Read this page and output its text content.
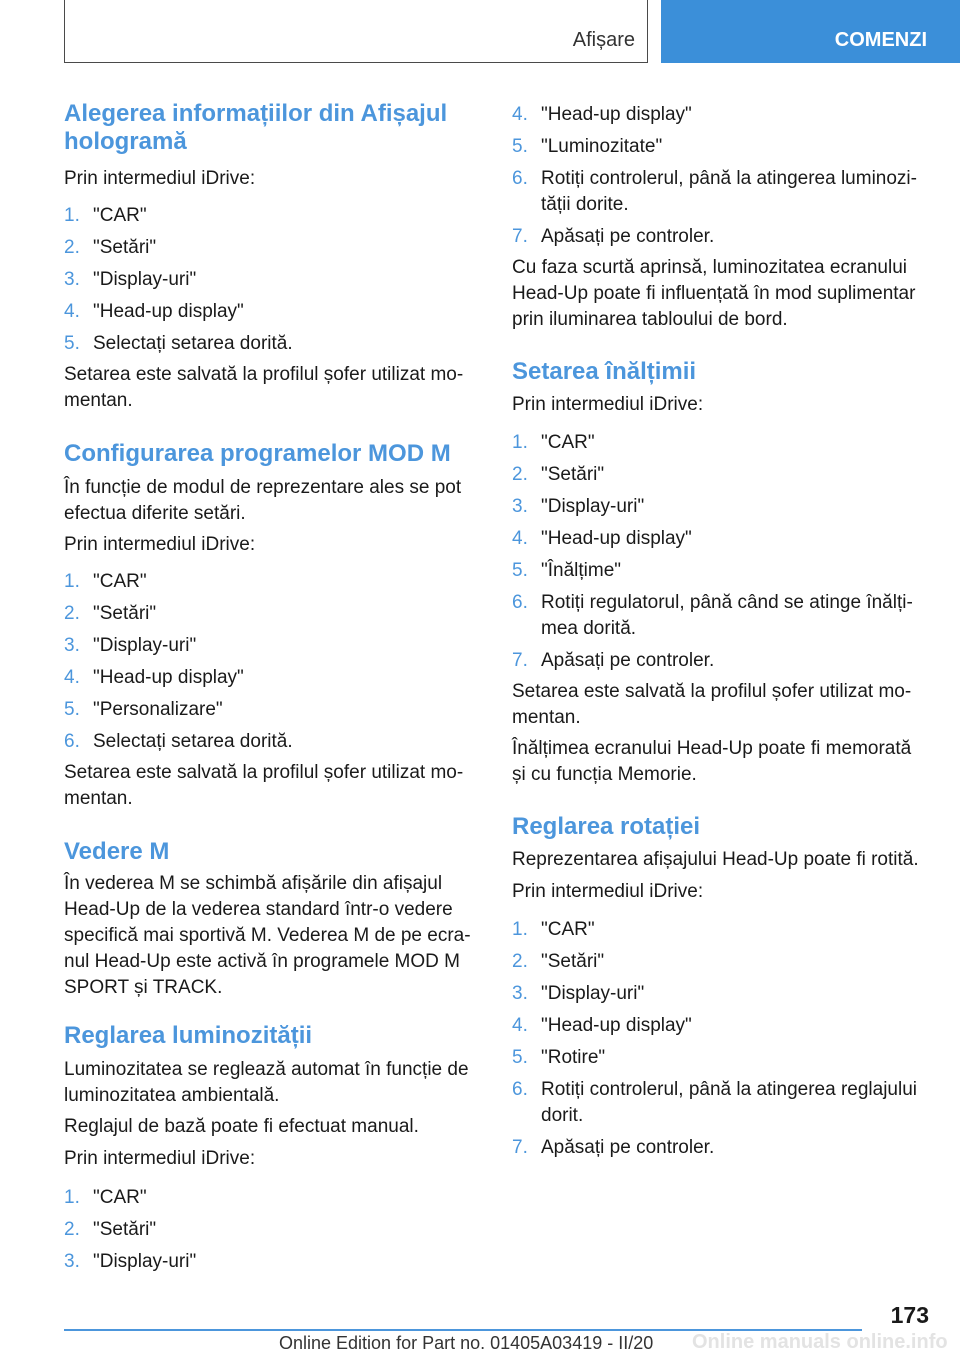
Afișare	COMENZI
Alegerea informațiilor din Afișajul hologramă

Prin intermediul iDrive:

1. "CAR"
2. "Setări"
3. "Display-uri"
4. "Head-up display"
5. Selectați setarea dorită.

Setarea este salvată la profilul șofer utilizat mo-mentan.

Configurarea programelor MOD M

În funcție de modul de reprezentare ales se pot efectua diferite setări.

Prin intermediul iDrive:

1. "CAR"
2. "Setări"
3. "Display-uri"
4. "Head-up display"
5. "Personalizare"
6. Selectați setarea dorită.

Setarea este salvată la profilul șofer utilizat mo-mentan.

Vedere M

În vederea M se schimbă afișările din afișajul Head-Up de la vederea standard într-o vedere specifică mai sportivă M. Vederea M de pe ecra-nul Head-Up este activă în programele MOD M SPORT și TRACK.

Reglarea luminozității

Luminozitatea se reglează automat în funcție de luminozitatea ambientală.

Reglajul de bază poate fi efectuat manual.

Prin intermediul iDrive:

1. "CAR"
2. "Setări"
3. "Display-uri"
4. "Head-up display"
5. "Luminozitate"
6. Rotiți controlerul, până la atingerea luminozi-tății dorite.
7. Apăsați pe controler.

Cu faza scurtă aprinsă, luminozitatea ecranului Head-Up poate fi influențată în mod suplimentar prin iluminarea tabloului de bord.

Setarea înălțimii

Prin intermediul iDrive:

1. "CAR"
2. "Setări"
3. "Display-uri"
4. "Head-up display"
5. "Înălțime"
6. Rotiți regulatorul, până când se atinge înălți-mea dorită.
7. Apăsați pe controler.

Setarea este salvată la profilul șofer utilizat mo-mentan.

Înălțimea ecranului Head-Up poate fi memorată și cu funcția Memorie.

Reglarea rotației

Reprezentarea afișajului Head-Up poate fi rotită.

Prin intermediul iDrive:

1. "CAR"
2. "Setări"
3. "Display-uri"
4. "Head-up display"
5. "Rotire"
6. Rotiți controlerul, până la atingerea reglajului dorit.
7. Apăsați pe controler.
173
Online Edition for Part no. 01405A03419 - II/20 Online manuals online.info
